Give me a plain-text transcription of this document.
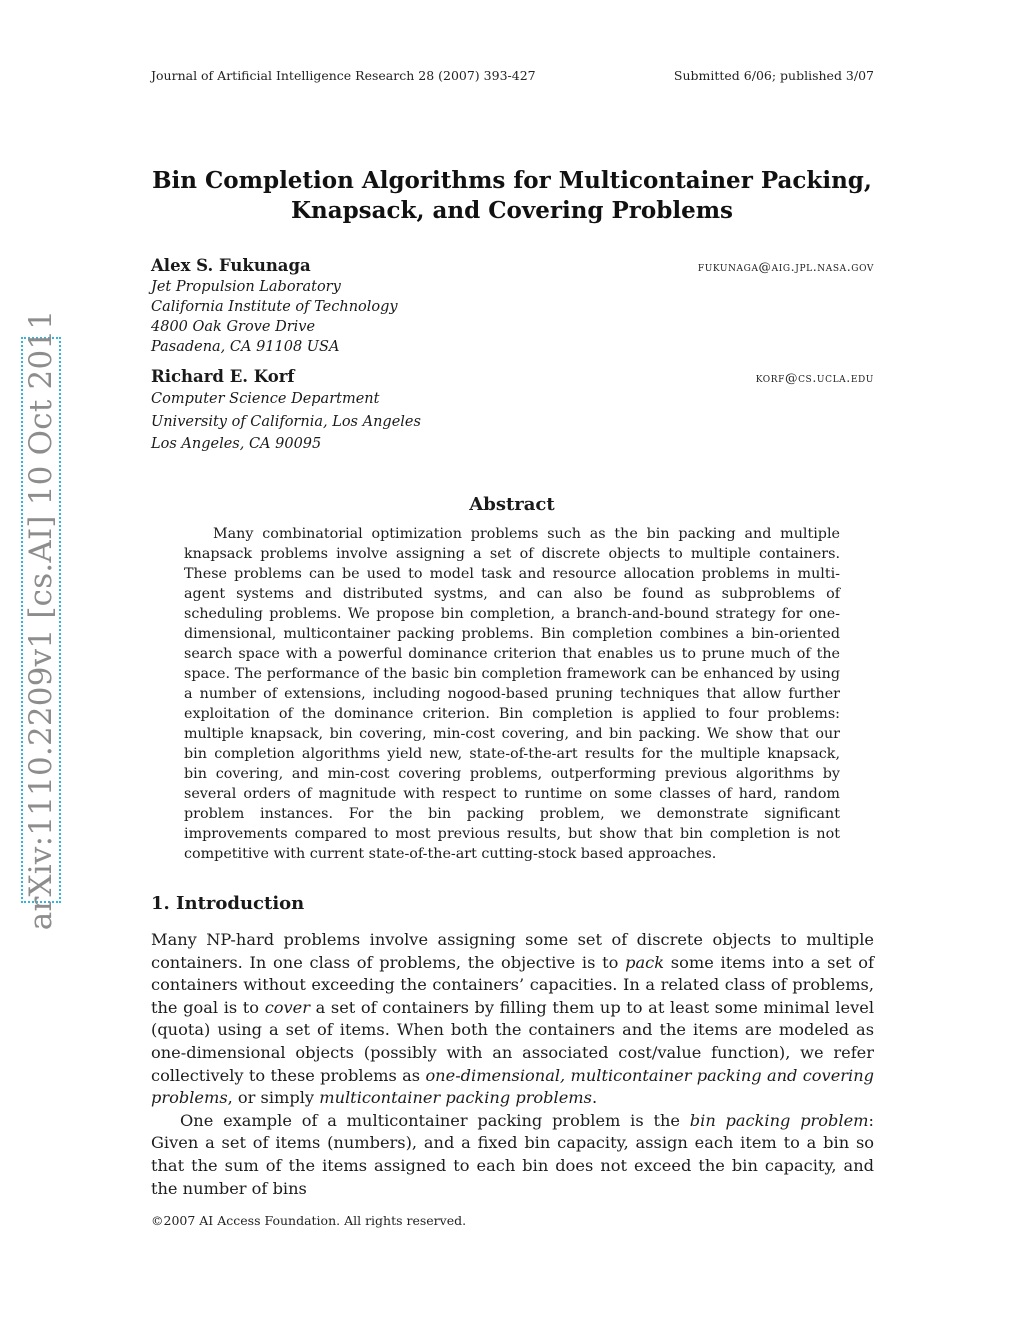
Journal of Artificial Intelligence Research 28 (2007) 393-427	Submitted 6/06; published 3/07
Bin Completion Algorithms for Multicontainer Packing,
Knapsack, and Covering Problems
Alex S. Fukunaga	fukunaga@aig.jpl.nasa.gov
Jet Propulsion Laboratory
California Institute of Technology
4800 Oak Grove Drive
Pasadena, CA 91108 USA
Richard E. Korf	korf@cs.ucla.edu
Computer Science Department
University of California, Los Angeles
Los Angeles, CA 90095
arXiv:1110.2209v1 [cs.AI] 10 Oct 2011	Abstract
Many combinatorial optimization problems such as the bin packing and multiple knapsack problems involve assigning a set of discrete objects to multiple containers. These problems can be used to model task and resource allocation problems in multi-agent systems and distributed systms, and can also be found as subproblems of scheduling problems. We propose bin completion, a branch-and-bound strategy for one-dimensional, multicontainer packing problems. Bin completion combines a bin-oriented search space with a powerful dominance criterion that enables us to prune much of the space. The performance of the basic bin completion framework can be enhanced by using a number of extensions, including nogood-based pruning techniques that allow further exploitation of the dominance criterion. Bin completion is applied to four problems: multiple knapsack, bin covering, min-cost covering, and bin packing. We show that our bin completion algorithms yield new, state-of-the-art results for the multiple knapsack, bin covering, and min-cost covering problems, outperforming previous algorithms by several orders of magnitude with respect to runtime on some classes of hard, random problem instances. For the bin packing problem, we demonstrate significant improvements compared to most previous results, but show that bin completion is not competitive with current state-of-the-art cutting-stock based approaches.
1. Introduction

Many NP-hard problems involve assigning some set of discrete objects to multiple containers. In one class of problems, the objective is to pack some items into a set of containers without exceeding the containers’ capacities. In a related class of problems, the goal is to cover a set of containers by filling them up to at least some minimal level (quota) using a set of items. When both the containers and the items are modeled as one-dimensional objects (possibly with an associated cost/value function), we refer collectively to these problems as one-dimensional, multicontainer packing and covering problems, or simply multicontainer packing problems.

One example of a multicontainer packing problem is the bin packing problem: Given a set of items (numbers), and a fixed bin capacity, assign each item to a bin so that the sum of the items assigned to each bin does not exceed the bin capacity, and the number of bins

©2007 AI Access Foundation. All rights reserved.
